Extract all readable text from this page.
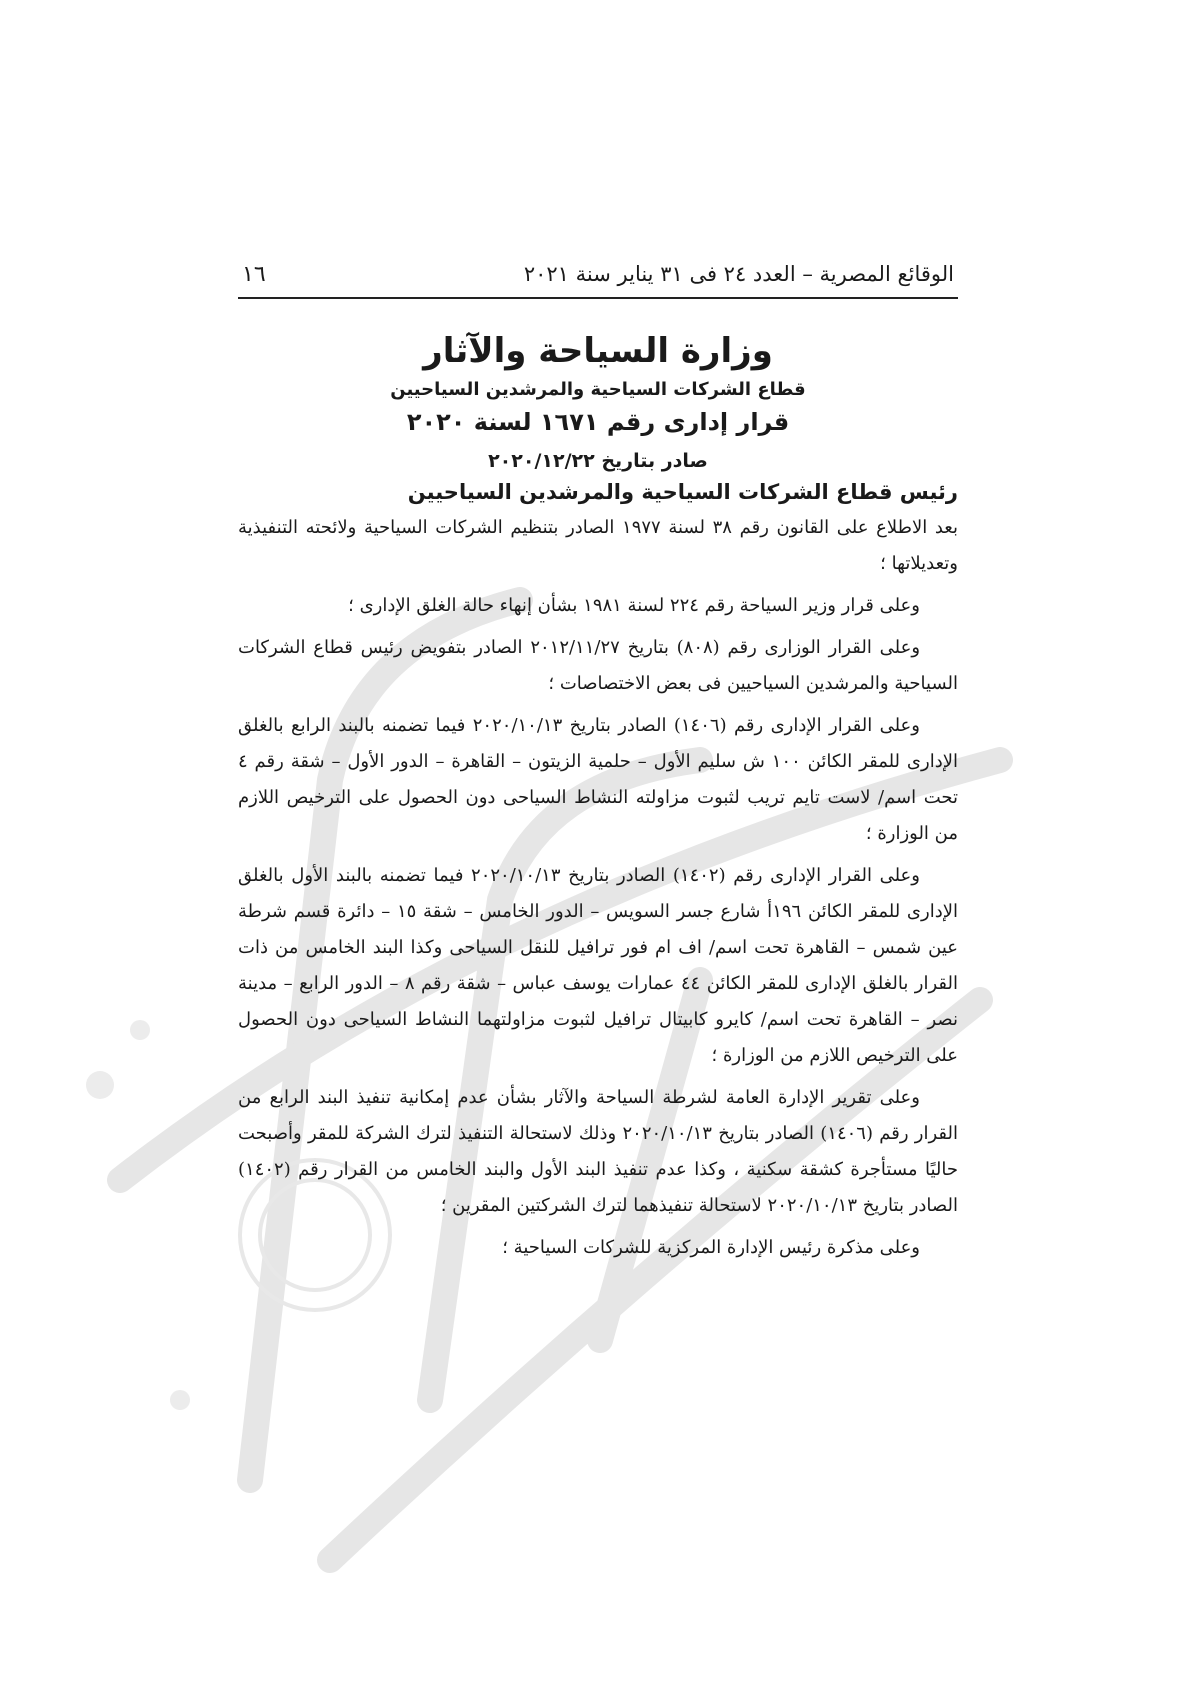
الوقائع المصرية – العدد ٢٤ فى ٣١ يناير سنة ٢٠٢١
١٦
وزارة السياحة والآثار
قطاع الشركات السياحية والمرشدين السياحيين
قرار إدارى رقم ١٦٧١ لسنة ٢٠٢٠
صادر بتاريخ ٢٠٢٠/١٢/٢٢
رئيس قطاع الشركات السياحية والمرشدين السياحيين

بعد الاطلاع على القانون رقم ٣٨ لسنة ١٩٧٧ الصادر بتنظيم الشركات السياحية ولائحته التنفيذية وتعديلاتها ؛

وعلى قرار وزير السياحة رقم ٢٢٤ لسنة ١٩٨١ بشأن إنهاء حالة الغلق الإدارى ؛

وعلى القرار الوزارى رقم (٨٠٨) بتاريخ ٢٠١٢/١١/٢٧ الصادر بتفويض رئيس قطاع الشركات السياحية والمرشدين السياحيين فى بعض الاختصاصات ؛

وعلى القرار الإدارى رقم (١٤٠٦) الصادر بتاريخ ٢٠٢٠/١٠/١٣ فيما تضمنه بالبند الرابع بالغلق الإدارى للمقر الكائن ١٠٠ ش سليم الأول – حلمية الزيتون – القاهرة – الدور الأول – شقة رقم ٤ تحت اسم/ لاست تايم تريب لثبوت مزاولته النشاط السياحى دون الحصول على الترخيص اللازم من الوزارة ؛

وعلى القرار الإدارى رقم (١٤٠٢) الصادر بتاريخ ٢٠٢٠/١٠/١٣ فيما تضمنه بالبند الأول بالغلق الإدارى للمقر الكائن ١٩٦أ شارع جسر السويس – الدور الخامس – شقة ١٥ – دائرة قسم شرطة عين شمس – القاهرة تحت اسم/ اف ام فور ترافيل للنقل السياحى وكذا البند الخامس من ذات القرار بالغلق الإدارى للمقر الكائن ٤٤ عمارات يوسف عباس – شقة رقم ٨ – الدور الرابع – مدينة نصر – القاهرة تحت اسم/ كايرو كابيتال ترافيل لثبوت مزاولتهما النشاط السياحى دون الحصول على الترخيص اللازم من الوزارة ؛

وعلى تقرير الإدارة العامة لشرطة السياحة والآثار بشأن عدم إمكانية تنفيذ البند الرابع من القرار رقم (١٤٠٦) الصادر بتاريخ ٢٠٢٠/١٠/١٣ وذلك لاستحالة التنفيذ لترك الشركة للمقر وأصبحت حاليًا مستأجرة كشقة سكنية ، وكذا عدم تنفيذ البند الأول والبند الخامس من القرار رقم (١٤٠٢) الصادر بتاريخ ٢٠٢٠/١٠/١٣ لاستحالة تنفيذهما لترك الشركتين المقرين ؛

وعلى مذكرة رئيس الإدارة المركزية للشركات السياحية ؛
